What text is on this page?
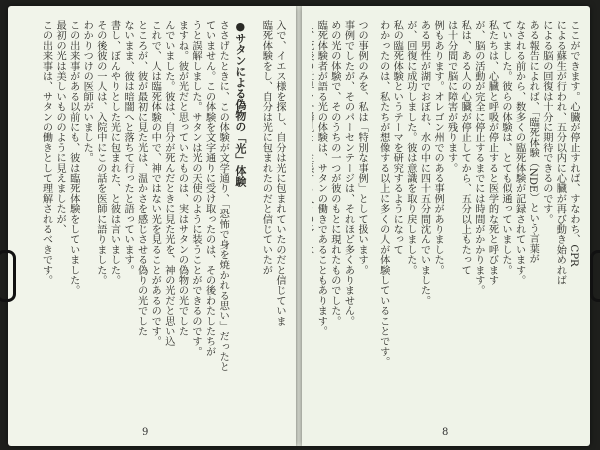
入で、イエス様を探し、自分は光に包まれていたのだと信じていま
臨死体験をし、自分は光に包まれたのだと信じていたが
●サタンによる偽物の「光」体験
ささげたときに、この体験が文学通り、「恐怖で身を焼かれる思い」だったと
ていません。この体験を文字通りに受け取ったのは、その後わたしたちが
うと誤解しました。サタンは光の天使のように装うことができるのです。
ますね。彼が光だと思っていたものは、実はサタンの偽物の光でした
んでいました。彼は、自分が死んだときに見た光を、神の光だと思い込
これで、人は臨死体験の中で、神ではない光を見ることがあるのです。
ところが、彼が最初に見た光は、温かさを感じさせる偽りの光でした
ないまま、彼は暗闇へと落ちて行ったと語っています。
書し、ぼんやりとした光に包まれた、と彼は言いました。
その後彼の一人は、入院中にこの話を医師に語りました。
わかりつけの医師がいました。
この出来事がある以前にも、彼は臨死体験をしていました。
最初の光は美しいもののように見えましたが、
この出来事は、サタンの働きとして理解されるべきです。
9
ここができます。心臓が停止すれば、すなわち、CPR
による蘇生が行われ、五分以内に心臓が再び動き始めれば
による脳の回復は十分に期待できるのです。
ある報告によれば、「臨死体験（NDE）という言葉が
なされる前から、数多くの臨死体験が記録されています。
ていました。彼らの体験は、とても似通っていました。
私たちは、心臓と呼吸が停止すると医学的な死と呼びます
が、脳の活動が完全に停止するまでには時間がかかります。
私は、ある人の心臓が停止してから、五分以上もたって
は十分間で脳に障害が残ります。
例もあります。オレゴン州でのある事例がありました。
ある男性が湖でおぼれ、水の中に四十五分間沈んでいました。
が、回復に成功しました。彼は意識を取り戻しました。
私の臨死体験というテーマを研究するようになって
わかったのは、私たちが想像する以上に多くの人が体験していることです。
つの事例のみを、私は「特別な事例」として扱います。
事例でしたが、そのパーセンテージは、それほど多くありません。
めの光の体験で、そのうちの一つが彼のもとに現れたものでした。
臨死体験者が語る光の体験は、サタンの働きであることもあります。
8
